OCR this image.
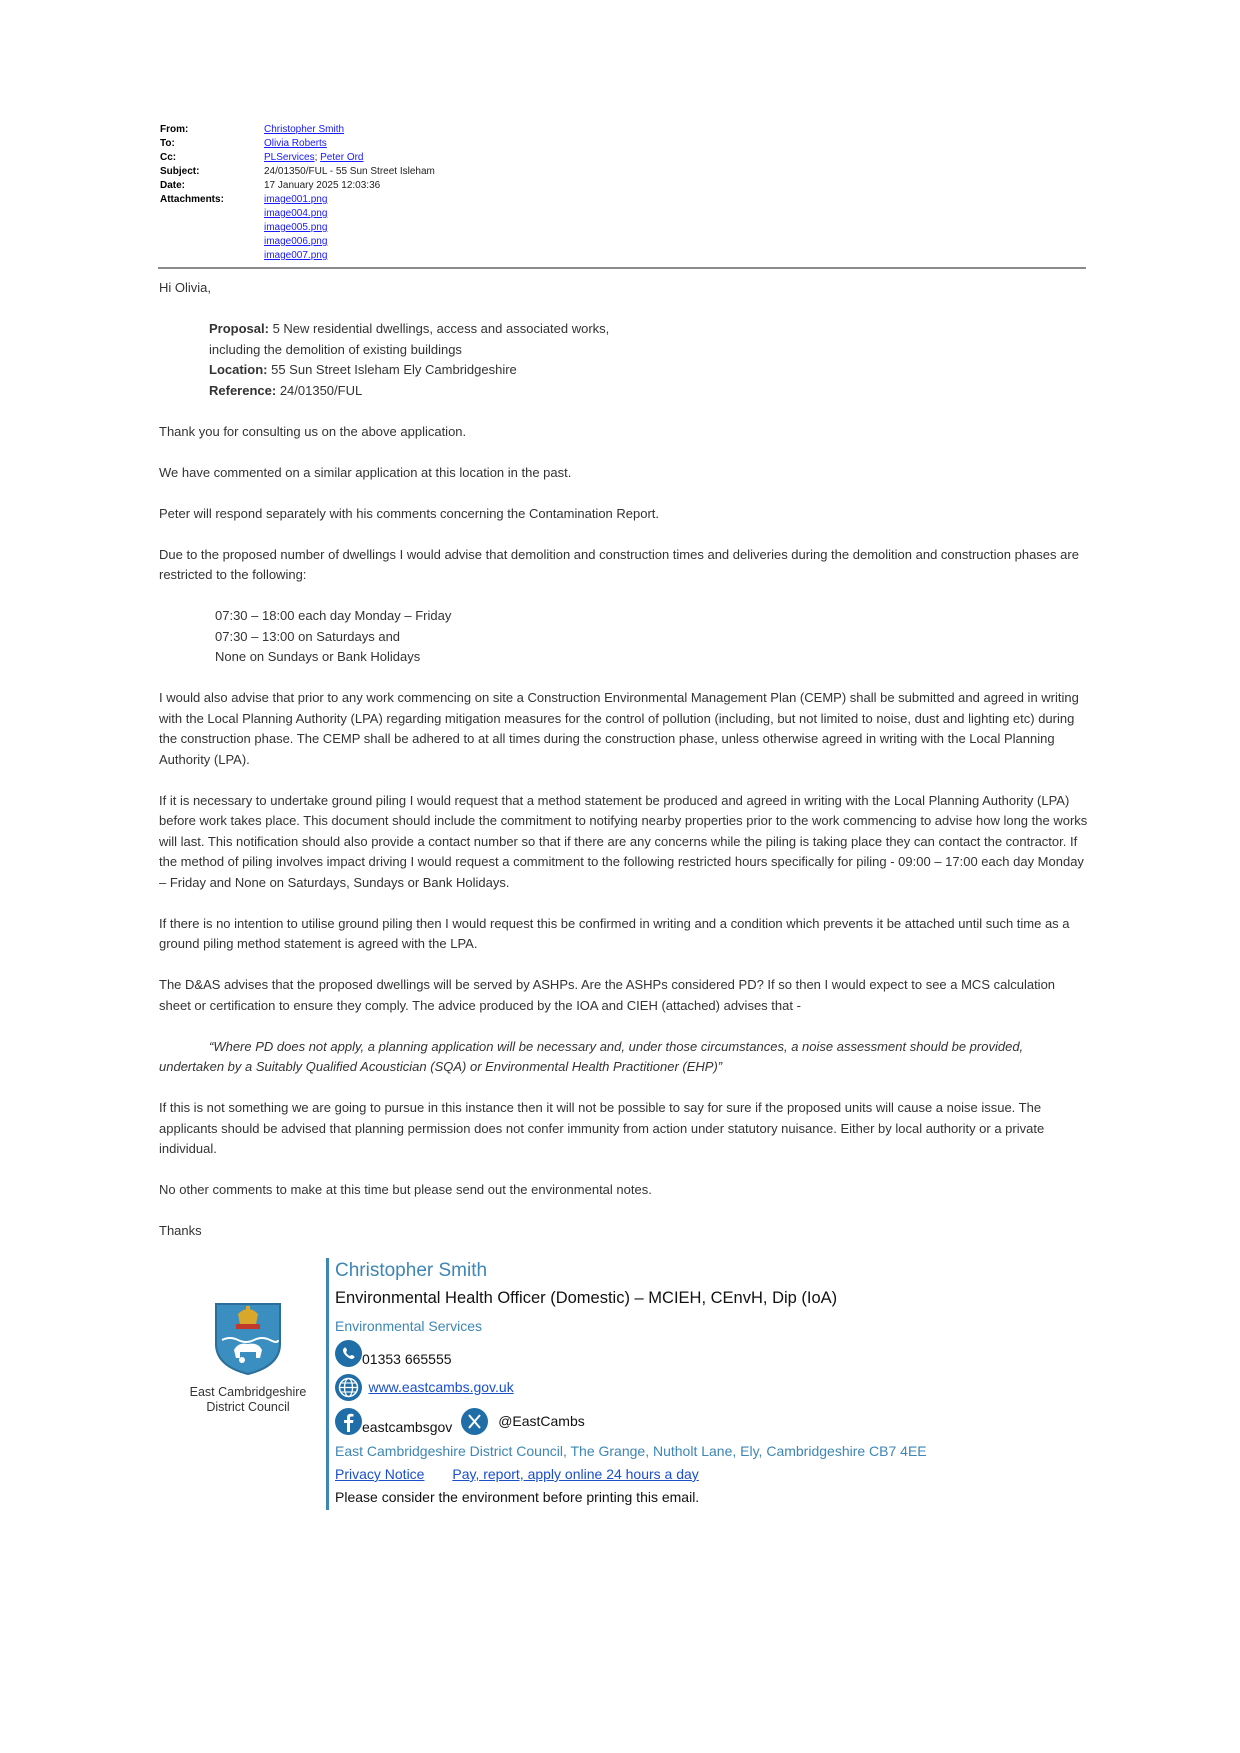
From:	Christopher Smith
To:	Olivia Roberts
Cc:	PLServices; Peter Ord
Subject:	24/01350/FUL - 55 Sun Street Isleham
Date:	17 January 2025 12:03:36
Attachments:	image001.png
image004.png
image005.png
image006.png
image007.png

Hi Olivia,

Proposal: 5 New residential dwellings, access and associated works,
including the demolition of existing buildings
Location: 55 Sun Street Isleham Ely Cambridgeshire
Reference: 24/01350/FUL

Thank you for consulting us on the above application.

We have commented on a similar application at this location in the past.

Peter will respond separately with his comments concerning the Contamination Report.

Due to the proposed number of dwellings I would advise that demolition and construction times and deliveries during the demolition and construction phases are restricted to the following:

07:30 – 18:00 each day Monday – Friday
07:30 – 13:00 on Saturdays and
None on Sundays or Bank Holidays

I would also advise that prior to any work commencing on site a Construction Environmental Management Plan (CEMP) shall be submitted and agreed in writing with the Local Planning Authority (LPA) regarding mitigation measures for the control of pollution (including, but not limited to noise, dust and lighting etc) during the construction phase. The CEMP shall be adhered to at all times during the construction phase, unless otherwise agreed in writing with the Local Planning Authority (LPA).

If it is necessary to undertake ground piling I would request that a method statement be produced and agreed in writing with the Local Planning Authority (LPA) before work takes place. This document should include the commitment to notifying nearby properties prior to the work commencing to advise how long the works will last. This notification should also provide a contact number so that if there are any concerns while the piling is taking place they can contact the contractor. If the method of piling involves impact driving I would request a commitment to the following restricted hours specifically for piling - 09:00 – 17:00 each day Monday – Friday and None on Saturdays, Sundays or Bank Holidays.

If there is no intention to utilise ground piling then I would request this be confirmed in writing and a condition which prevents it be attached until such time as a ground piling method statement is agreed with the LPA.

The D&AS advises that the proposed dwellings will be served by ASHPs. Are the ASHPs considered PD? If so then I would expect to see a MCS calculation sheet or certification to ensure they comply. The advice produced by the IOA and CIEH (attached) advises that -

“Where PD does not apply, a planning application will be necessary and, under those circumstances, a noise assessment should be provided, undertaken by a Suitably Qualified Acoustician (SQA) or Environmental Health Practitioner (EHP)”

If this is not something we are going to pursue in this instance then it will not be possible to say for sure if the proposed units will cause a noise issue. The applicants should be advised that planning permission does not confer immunity from action under statutory nuisance. Either by local authority or a private individual.

No other comments to make at this time but please send out the environmental notes.

Thanks

East Cambridgeshire
District Council
Christopher Smith
Environmental Health Officer (Domestic) – MCIEH, CEnvH, Dip (IoA)
Environmental Services
01353 665555
www.eastcambs.gov.uk
eastcambsgov	@EastCambs
East Cambridgeshire District Council, The Grange, Nutholt Lane, Ely, Cambridgeshire CB7 4EE
Privacy Notice Pay, report, apply online 24 hours a day
Please consider the environment before printing this email.
